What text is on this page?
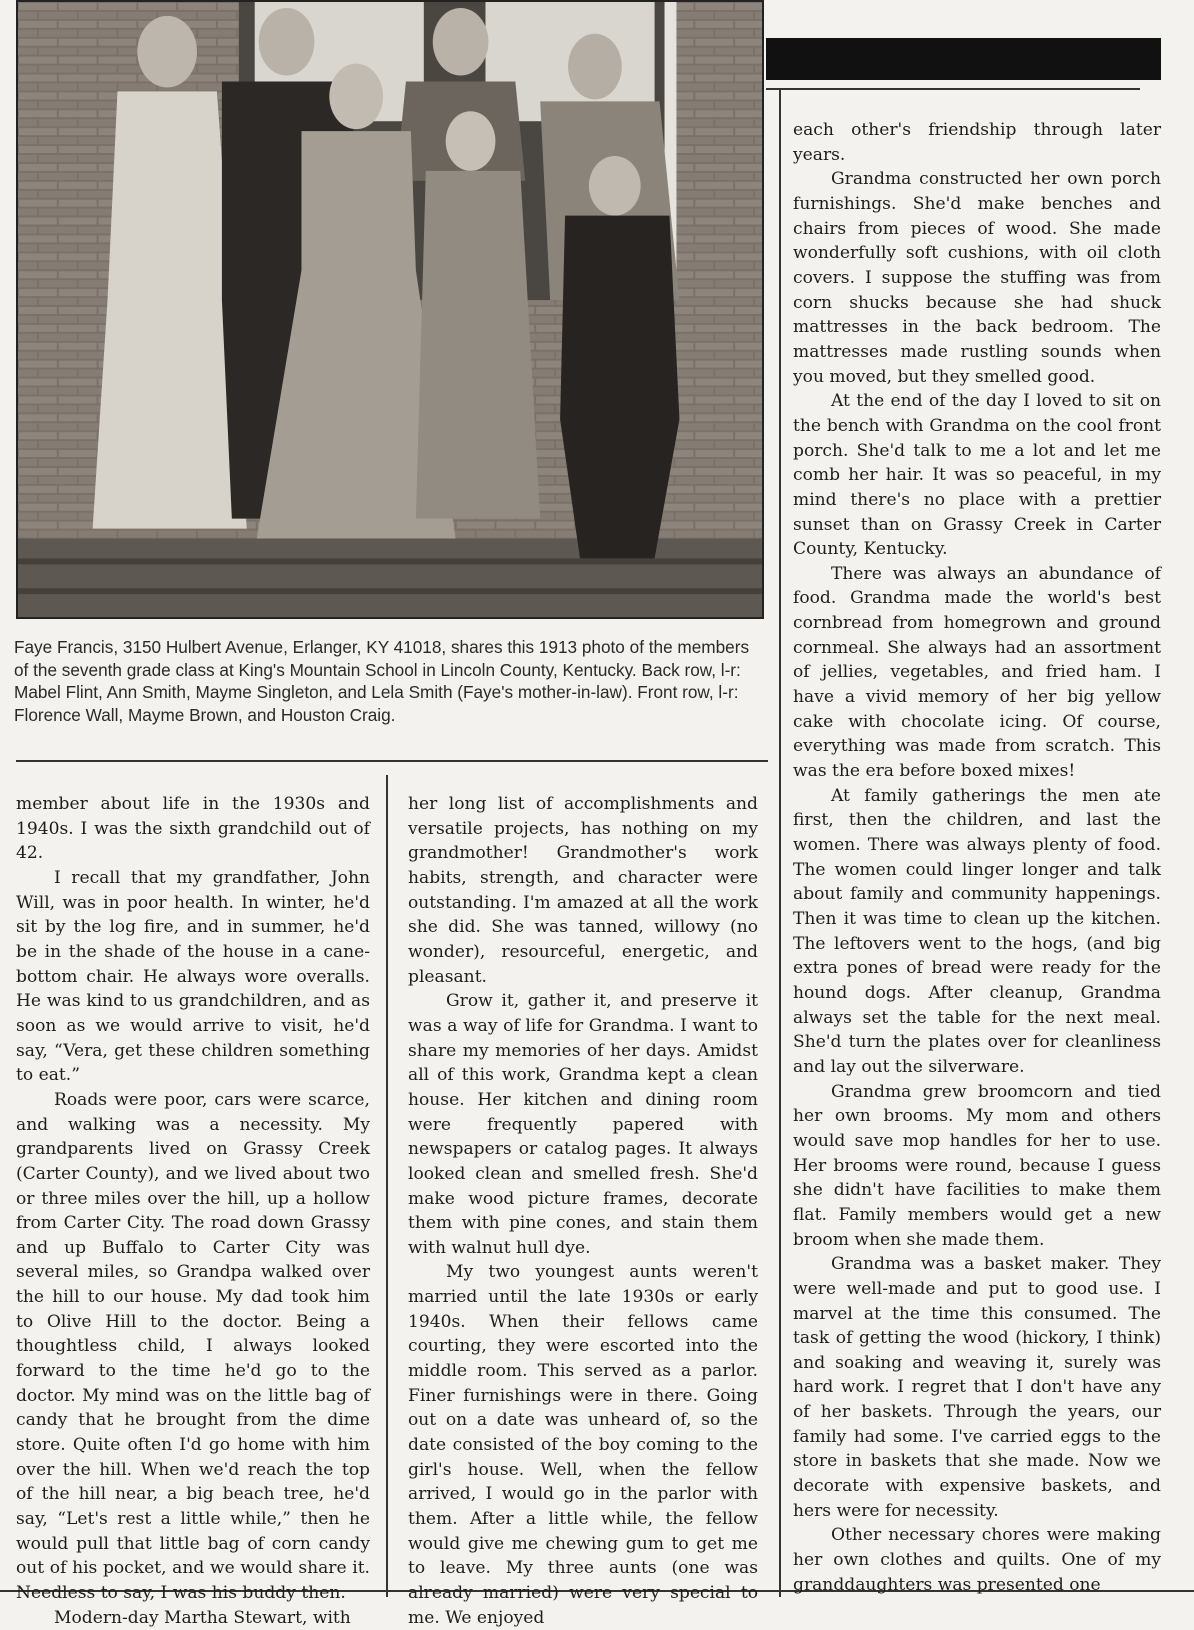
Faye Francis, 3150 Hulbert Avenue, Erlanger, KY 41018, shares this 1913 photo of the members of the seventh grade class at King's Mountain School in Lincoln County, Kentucky. Back row, l-r: Mabel Flint, Ann Smith, Mayme Singleton, and Lela Smith (Faye's mother-in-law). Front row, l-r: Florence Wall, Mayme Brown, and Houston Craig.

member about life in the 1930s and 1940s. I was the sixth grandchild out of 42.

I recall that my grandfather, John Will, was in poor health. In winter, he'd sit by the log fire, and in summer, he'd be in the shade of the house in a cane-bottom chair. He always wore overalls. He was kind to us grandchildren, and as soon as we would arrive to visit, he'd say, “Vera, get these children something to eat.”

Roads were poor, cars were scarce, and walking was a necessity. My grandparents lived on Grassy Creek (Carter County), and we lived about two or three miles over the hill, up a hollow from Carter City. The road down Grassy and up Buffalo to Carter City was several miles, so Grandpa walked over the hill to our house. My dad took him to Olive Hill to the doctor. Being a thoughtless child, I always looked forward to the time he'd go to the doctor. My mind was on the little bag of candy that he brought from the dime store. Quite often I'd go home with him over the hill. When we'd reach the top of the hill near, a big beach tree, he'd say, “Let's rest a little while,” then he would pull that little bag of corn candy out of his pocket, and we would share it. Needless to say, I was his buddy then.

Modern-day Martha Stewart, with

her long list of accomplishments and versatile projects, has nothing on my grandmother! Grandmother's work habits, strength, and character were outstanding. I'm amazed at all the work she did. She was tanned, willowy (no wonder), resourceful, energetic, and pleasant.

Grow it, gather it, and preserve it was a way of life for Grandma. I want to share my memories of her days. Amidst all of this work, Grandma kept a clean house. Her kitchen and dining room were frequently papered with newspapers or catalog pages. It always looked clean and smelled fresh. She'd make wood picture frames, decorate them with pine cones, and stain them with walnut hull dye.

My two youngest aunts weren't married until the late 1930s or early 1940s. When their fellows came courting, they were escorted into the middle room. This served as a parlor. Finer furnishings were in there. Going out on a date was unheard of, so the date consisted of the boy coming to the girl's house. Well, when the fellow arrived, I would go in the parlor with them. After a little while, the fellow would give me chewing gum to get me to leave. My three aunts (one was already married) were very special to me. We enjoyed

each other's friendship through later years.

Grandma constructed her own porch furnishings. She'd make benches and chairs from pieces of wood. She made wonderfully soft cushions, with oil cloth covers. I suppose the stuffing was from corn shucks because she had shuck mattresses in the back bedroom. The mattresses made rustling sounds when you moved, but they smelled good.

At the end of the day I loved to sit on the bench with Grandma on the cool front porch. She'd talk to me a lot and let me comb her hair. It was so peaceful, in my mind there's no place with a prettier sunset than on Grassy Creek in Carter County, Kentucky.

There was always an abundance of food. Grandma made the world's best cornbread from homegrown and ground cornmeal. She always had an assortment of jellies, vegetables, and fried ham. I have a vivid memory of her big yellow cake with chocolate icing. Of course, everything was made from scratch. This was the era before boxed mixes!

At family gatherings the men ate first, then the children, and last the women. There was always plenty of food. The women could linger longer and talk about family and community happenings. Then it was time to clean up the kitchen. The leftovers went to the hogs, (and big extra pones of bread were ready for the hound dogs. After cleanup, Grandma always set the table for the next meal. She'd turn the plates over for cleanliness and lay out the silverware.

Grandma grew broomcorn and tied her own brooms. My mom and others would save mop handles for her to use. Her brooms were round, because I guess she didn't have facilities to make them flat. Family members would get a new broom when she made them.

Grandma was a basket maker. They were well-made and put to good use. I marvel at the time this consumed. The task of getting the wood (hickory, I think) and soaking and weaving it, surely was hard work. I regret that I don't have any of her baskets. Through the years, our family had some. I've carried eggs to the store in baskets that she made. Now we decorate with expensive baskets, and hers were for necessity.

Other necessary chores were making her own clothes and quilts. One of my granddaughters was presented one
